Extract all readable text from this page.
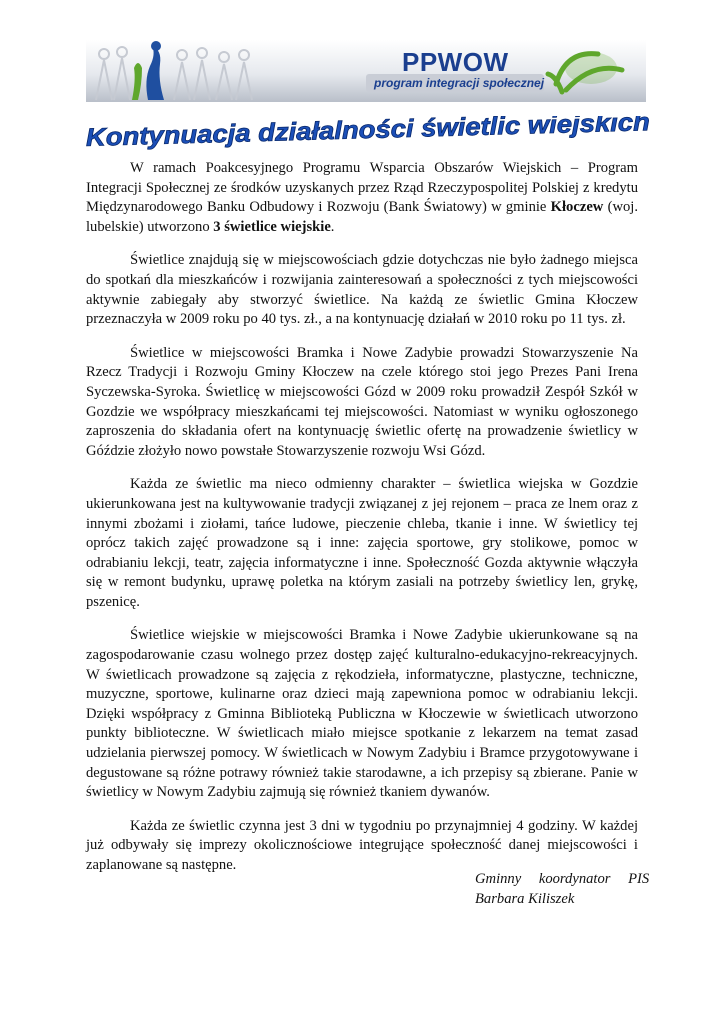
PPWOW
program integracji społecznej
Kontynuacja działalności świetlic wiejskich

W ramach Poakcesyjnego Programu Wsparcia Obszarów Wiejskich – Program Integracji Społecznej ze środków uzyskanych przez Rząd Rzeczypospolitej Polskiej z kredytu Międzynarodowego Banku Odbudowy i Rozwoju (Bank Światowy) w gminie Kłoczew (woj. lubelskie) utworzono 3 świetlice wiejskie.

Świetlice znajdują się w miejscowościach gdzie dotychczas nie było żadnego miejsca do spotkań dla mieszkańców i rozwijania zainteresowań a społeczności z tych miejscowości aktywnie zabiegały aby stworzyć świetlice. Na każdą ze świetlic Gmina Kłoczew przeznaczyła w 2009 roku po 40 tys. zł., a na kontynuację działań w 2010 roku po 11 tys. zł.

Świetlice w miejscowości Bramka i Nowe Zadybie prowadzi Stowarzyszenie Na Rzecz Tradycji i Rozwoju Gminy Kłoczew na czele którego stoi jego Prezes Pani Irena Syczewska-Syroka. Świetlicę w miejscowości Gózd w 2009 roku prowadził Zespół Szkół w Gozdzie we współpracy mieszkańcami tej miejscowości. Natomiast w wyniku ogłoszonego zaproszenia do składania ofert na kontynuację świetlic ofertę na prowadzenie świetlicy w Góździe złożyło nowo powstałe Stowarzyszenie rozwoju Wsi Gózd.

Każda ze świetlic ma nieco odmienny charakter – świetlica wiejska w Gozdzie ukierunkowana jest na kultywowanie tradycji związanej z jej rejonem – praca ze lnem oraz z innymi zbożami i ziołami, tańce ludowe, pieczenie chleba, tkanie i inne. W świetlicy tej oprócz takich zajęć prowadzone są i inne: zajęcia sportowe, gry stolikowe, pomoc w odrabianiu lekcji, teatr, zajęcia informatyczne i inne. Społeczność Gozda aktywnie włączyła się w remont budynku, uprawę poletka na którym zasiali na potrzeby świetlicy len, grykę, pszenicę.

Świetlice wiejskie w miejscowości Bramka i Nowe Zadybie ukierunkowane są na zagospodarowanie czasu wolnego przez dostęp zajęć kulturalno-edukacyjno-rekreacyjnych. W świetlicach prowadzone są zajęcia z rękodzieła, informatyczne, plastyczne, techniczne, muzyczne, sportowe, kulinarne oraz dzieci mają zapewniona pomoc w odrabianiu lekcji. Dzięki współpracy z Gminna Biblioteką Publiczna w Kłoczewie w świetlicach utworzono punkty biblioteczne. W świetlicach miało miejsce spotkanie z lekarzem na temat zasad udzielania pierwszej pomocy. W świetlicach w Nowym Zadybiu i Bramce przygotowywane i degustowane są różne potrawy również takie starodawne, a ich przepisy są zbierane. Panie w świetlicy w Nowym Zadybiu zajmują się również tkaniem dywanów.

Każda ze świetlic czynna jest 3 dni w tygodniu po przynajmniej 4 godziny. W każdej już odbywały się imprezy okolicznościowe integrujące społeczność danej miejscowości i zaplanowane są następne.

Gminny koordynator PIS
Barbara Kiliszek
